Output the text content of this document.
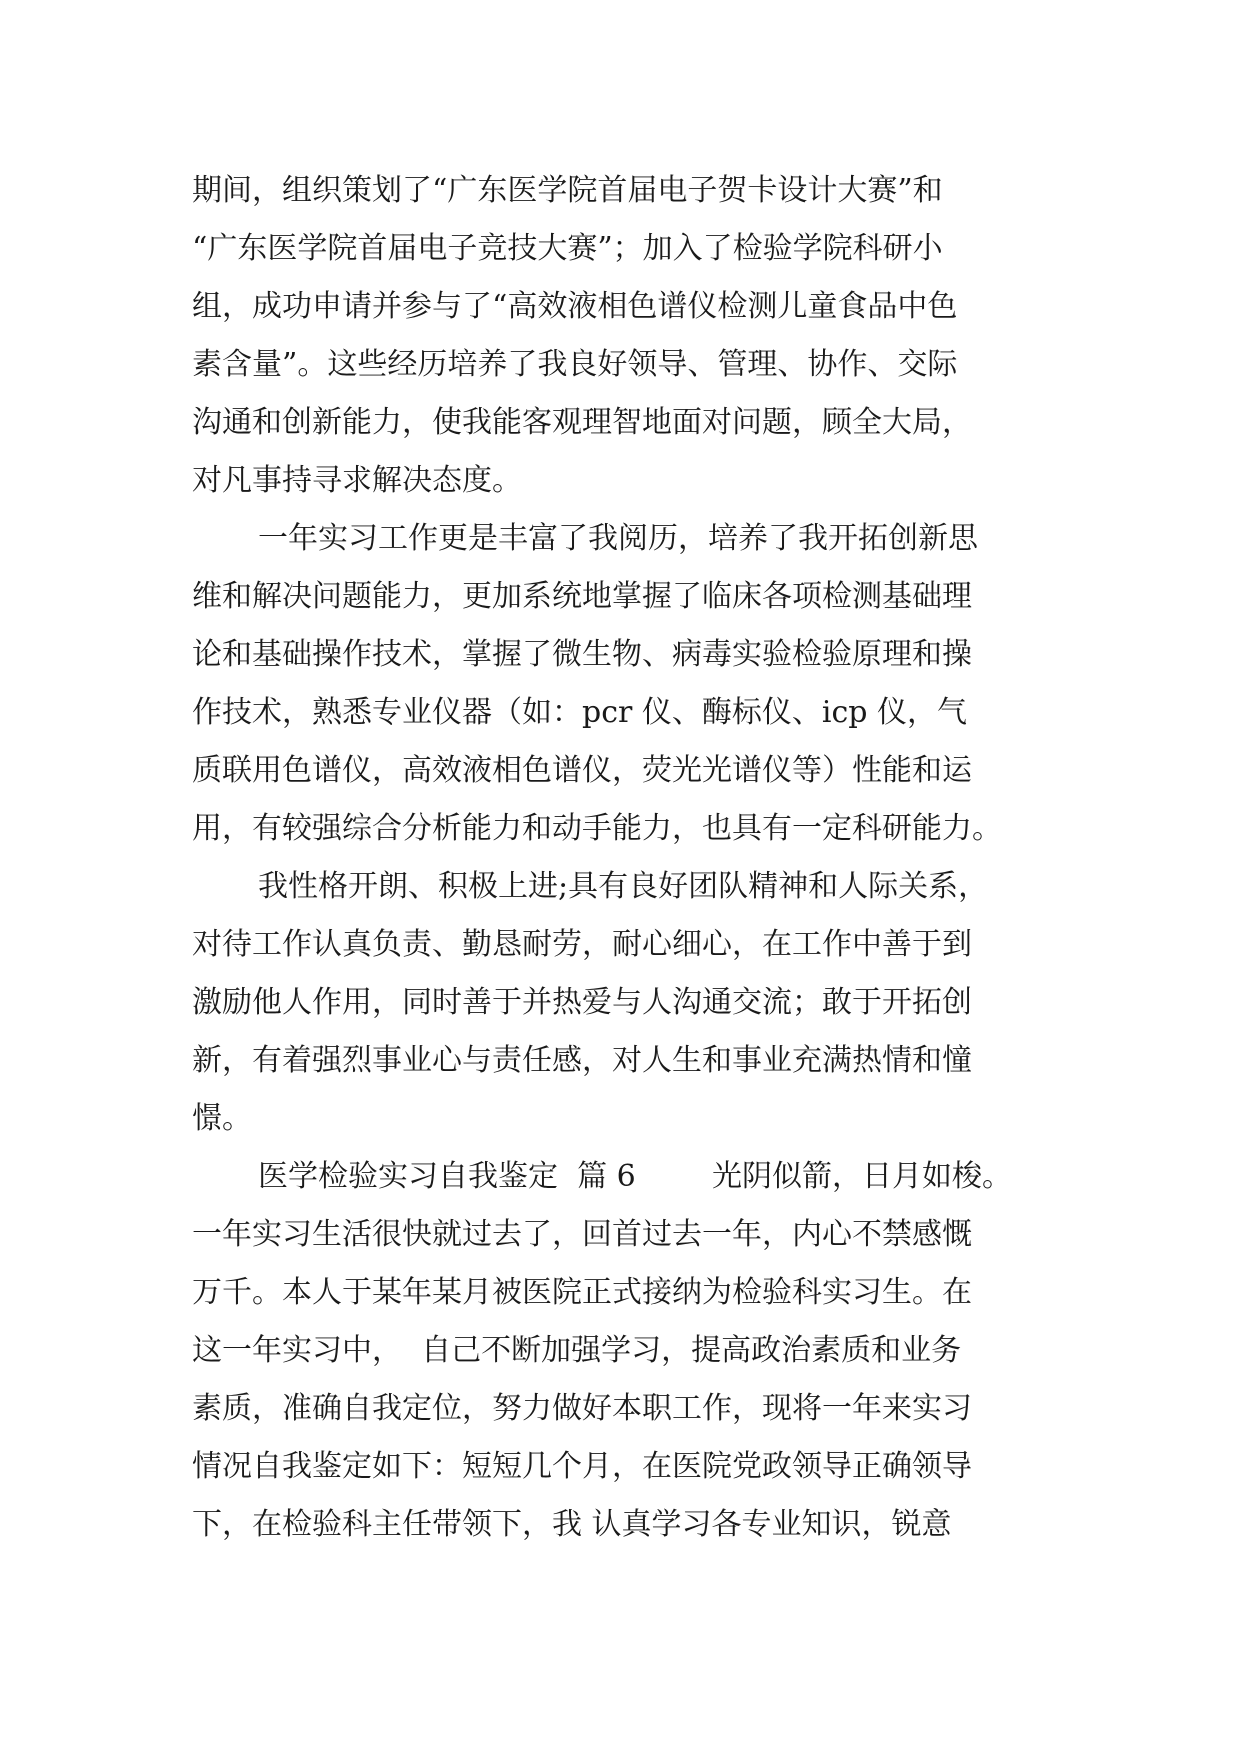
期间，组织策划了“广东医学院首届电子贺卡设计大赛”和
“广东医学院首届电子竞技大赛”；加入了检验学院科研小
组，成功申请并参与了“高效液相色谱仪检测儿童食品中色
素含量”。这些经历培养了我良好领导、管理、协作、交际
沟通和创新能力，使我能客观理智地面对问题，顾全大局，
对凡事持寻求解决态度。
一年实习工作更是丰富了我阅历，培养了我开拓创新思
维和解决问题能力，更加系统地掌握了临床各项检测基础理
论和基础操作技术，掌握了微生物、病毒实验检验原理和操
作技术，熟悉专业仪器（如：pcr 仪、酶标仪、icp 仪，气
质联用色谱仪，高效液相色谱仪，荧光光谱仪等）性能和运
用，有较强综合分析能力和动手能力，也具有一定科研能力。
我性格开朗、积极上进;具有良好团队精神和人际关系，
对待工作认真负责、勤恳耐劳，耐心细心，在工作中善于到
激励他人作用，同时善于并热爱与人沟通交流；敢于开拓创
新，有着强烈事业心与责任感，对人生和事业充满热情和憧
憬。
医学检验实习自我鉴定  篇 6        光阴似箭，日月如梭。
一年实习生活很快就过去了，回首过去一年，内心不禁感慨
万千。本人于某年某月被医院正式接纳为检验科实习生。在
这一年实习中，  自己不断加强学习，提高政治素质和业务
素质，准确自我定位，努力做好本职工作，现将一年来实习
情况自我鉴定如下：短短几个月，在医院党政领导正确领导
下，在检验科主任带领下，我 认真学习各专业知识，锐意
